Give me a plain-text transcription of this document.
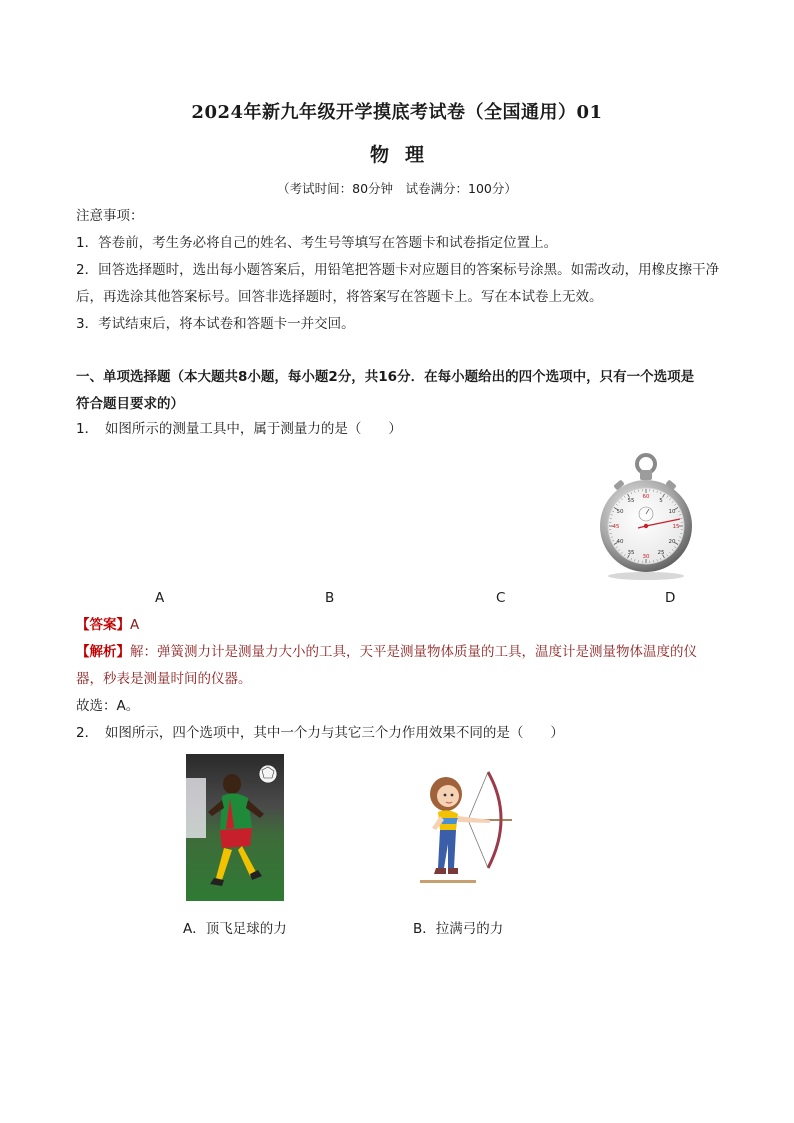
2024年新九年级开学摸底考试卷（全国通用）01
物理
（考试时间：80分钟　试卷满分：100分）

注意事项：

1．答卷前，考生务必将自己的姓名、考生号等填写在答题卡和试卷指定位置上。

2．回答选择题时，选出每小题答案后，用铅笔把答题卡对应题目的答案标号涂黑。如需改动，用橡皮擦干净

后，再选涂其他答案标号。回答非选择题时，将答案写在答题卡上。写在本试卷上无效。

3．考试结束后，将本试卷和答题卡一并交回。

一、单项选择题（本大题共8小题，每小题2分，共16分．在每小题给出的四个选项中，只有一个选项是

符合题目要求的）

1．　如图所示的测量工具中，属于测量力的是（　　）

60
5
10
15
20
25
30
35
40
45
50
55
A	B	C	D

【答案】A

【解析】解：弹簧测力计是测量力大小的工具，天平是测量物体质量的工具，温度计是测量物体温度的仪

器，秒表是测量时间的仪器。

故选：A。

2．　如图所示，四个选项中，其中一个力与其它三个力作用效果不同的是（　　）

A．顶飞足球的力	B．拉满弓的力
